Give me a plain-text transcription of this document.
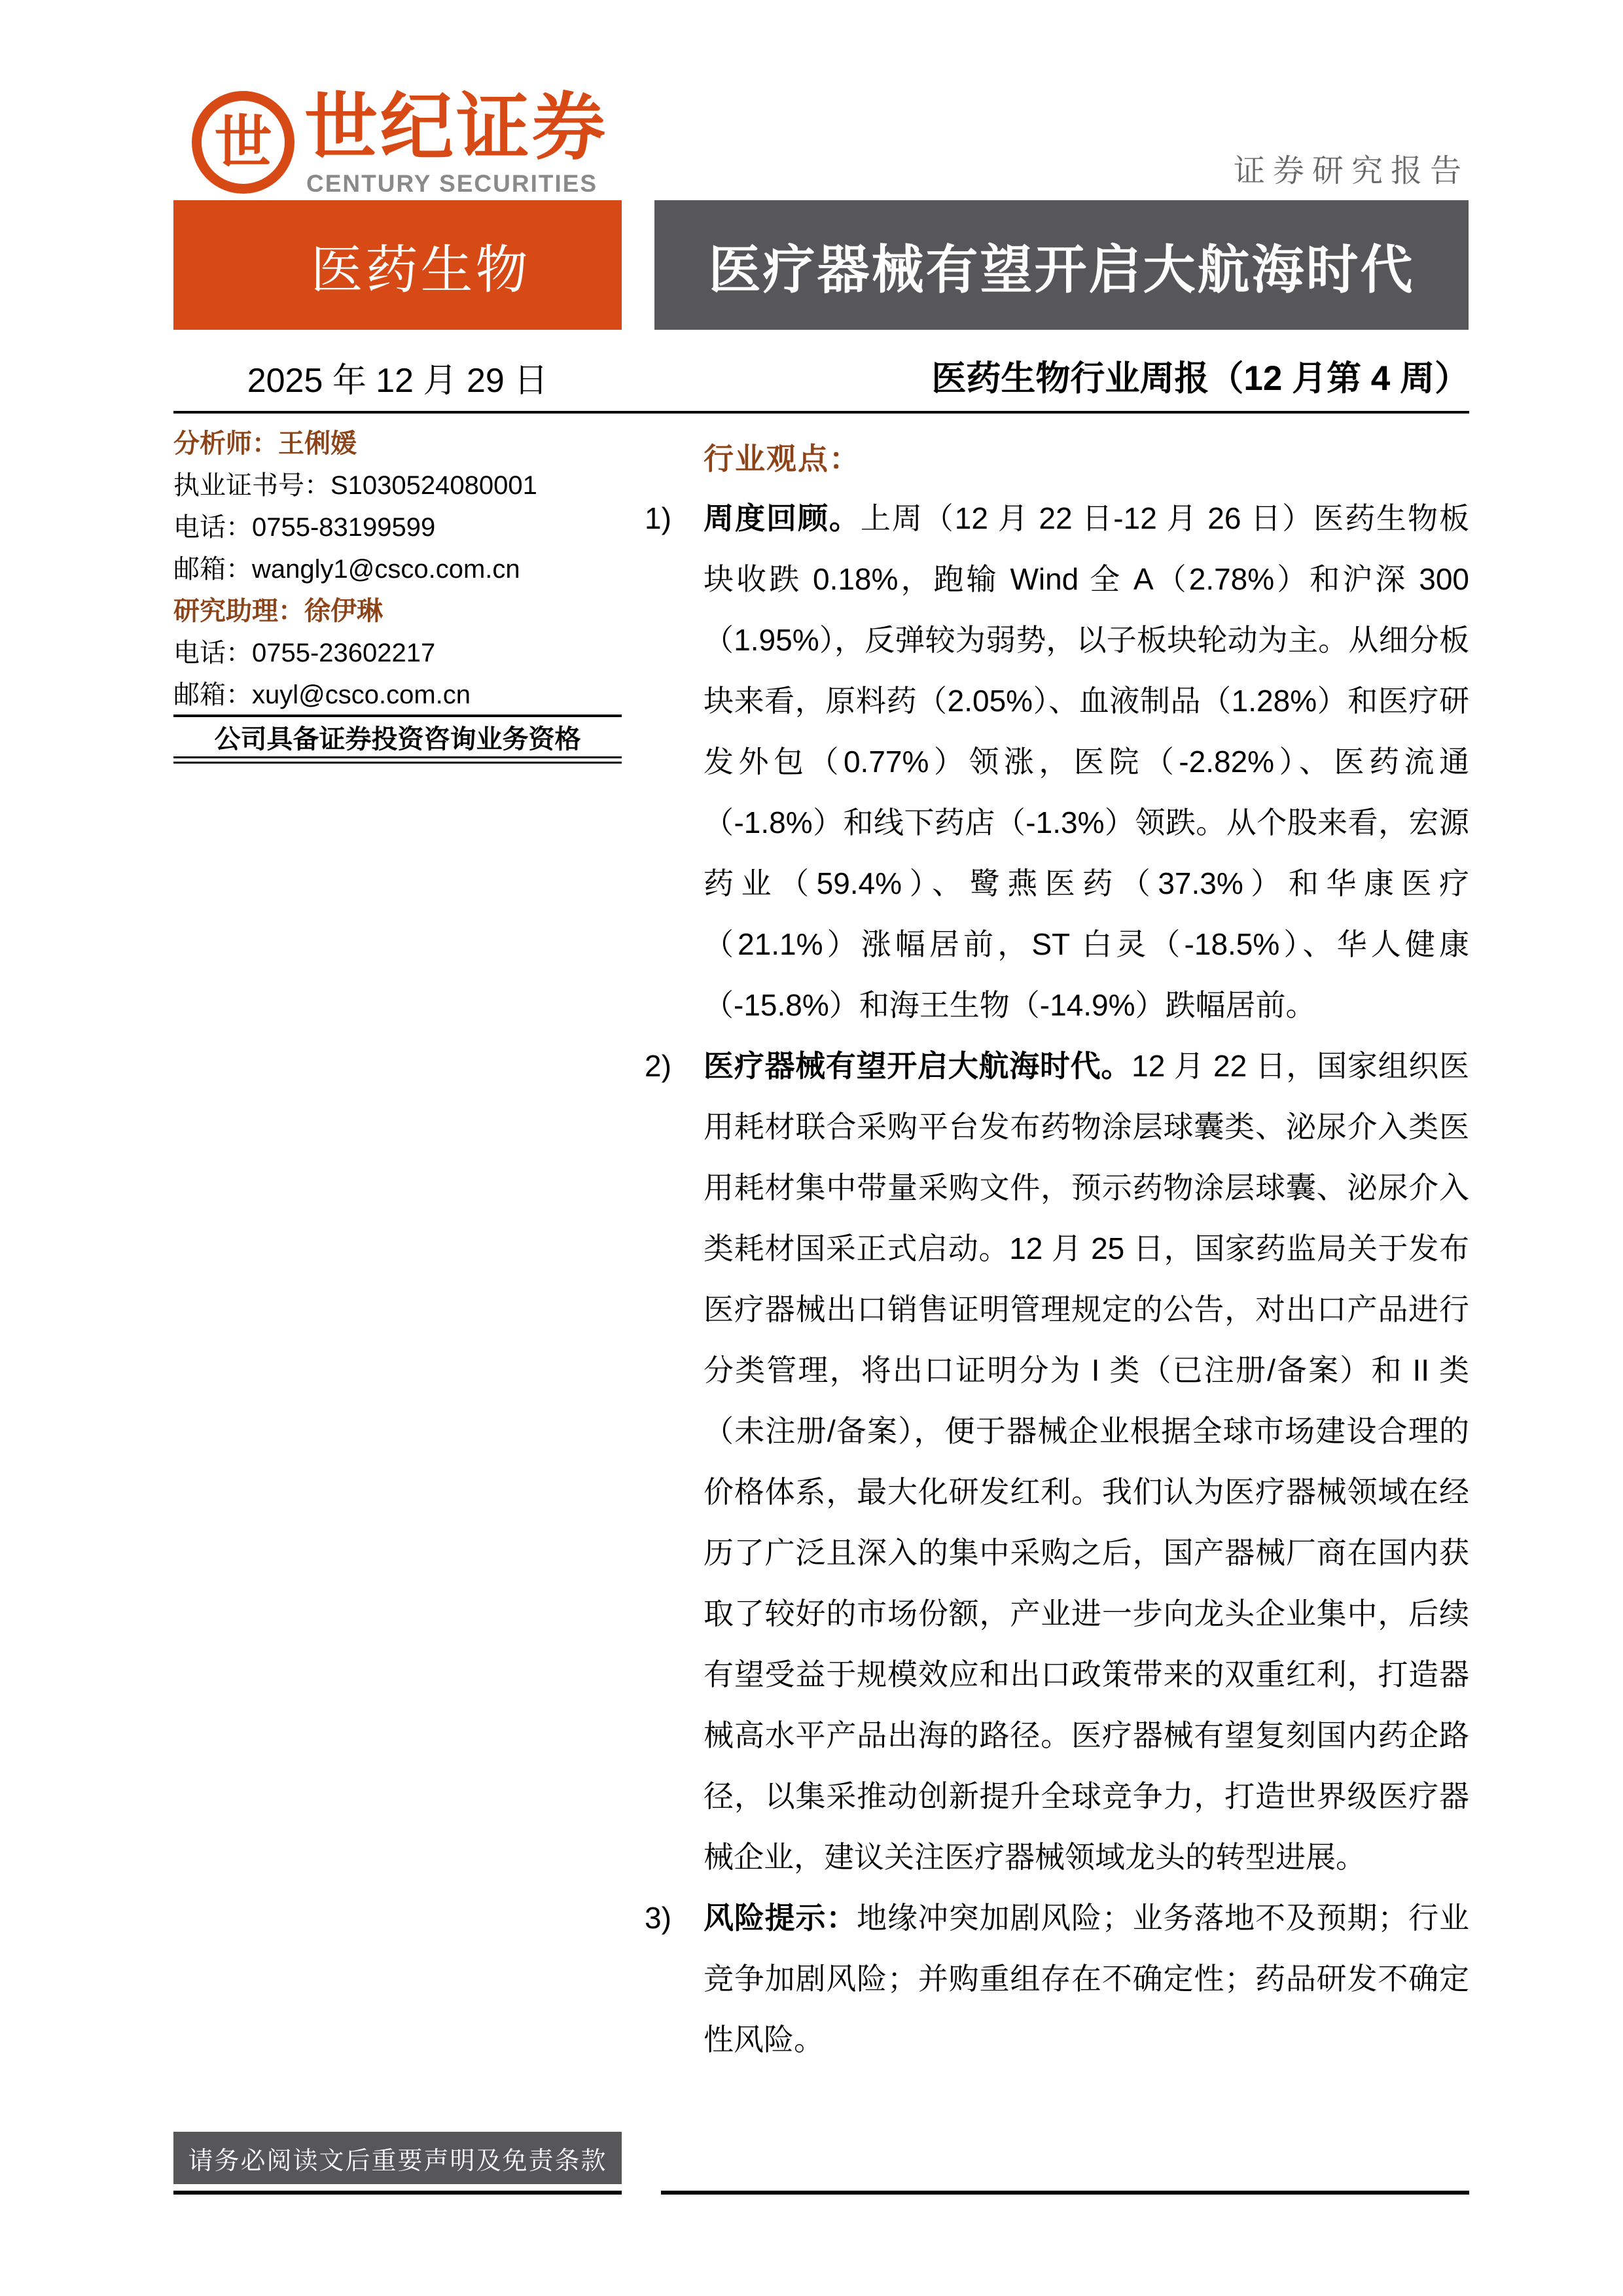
世 世纪证券
CENTURY SECURITIES	证券研究报告
医药生物	医疗器械有望开启大航海时代
2025 年 12 月 29 日	医药生物行业周报（12 月第 4 周）
分析师：王俐媛
执业证书号：S1030524080001
电话：0755-83199599
邮箱：wangly1@csco.com.cn
研究助理：徐伊琳
电话：0755-23602217
邮箱：xuyl@csco.com.cn
公司具备证券投资咨询业务资格
行业观点：
1)	周度回顾。上周（12 月 22 日-12 月 26 日）医药生物板块收跌 0.18%，跑输 Wind 全 A（2.78%）和沪深 300（1.95%），反弹较为弱势，以子板块轮动为主。从细分板块来看，原料药（2.05%）、血液制品（1.28%）和医疗研发外包（0.77%）领涨，医院（-2.82%）、医药流通（-1.8%）和线下药店（-1.3%）领跌。从个股来看，宏源药业（59.4%）、鹭燕医药（37.3%）和华康医疗（21.1%）涨幅居前，ST 白灵（-18.5%）、华人健康（-15.8%）和海王生物（-14.9%）跌幅居前。
2)	医疗器械有望开启大航海时代。12 月 22 日，国家组织医用耗材联合采购平台发布药物涂层球囊类、泌尿介入类医用耗材集中带量采购文件，预示药物涂层球囊、泌尿介入类耗材国采正式启动。12 月 25 日，国家药监局关于发布医疗器械出口销售证明管理规定的公告，对出口产品进行分类管理，将出口证明分为 I 类（已注册/备案）和 II 类（未注册/备案），便于器械企业根据全球市场建设合理的价格体系，最大化研发红利。我们认为医疗器械领域在经历了广泛且深入的集中采购之后，国产器械厂商在国内获取了较好的市场份额，产业进一步向龙头企业集中，后续有望受益于规模效应和出口政策带来的双重红利，打造器械高水平产品出海的路径。医疗器械有望复刻国内药企路径，以集采推动创新提升全球竞争力，打造世界级医疗器械企业，建议关注医疗器械领域龙头的转型进展。
3)	风险提示：地缘冲突加剧风险；业务落地不及预期；行业竞争加剧风险；并购重组存在不确定性；药品研发不确定性风险。
请务必阅读文后重要声明及免责条款
